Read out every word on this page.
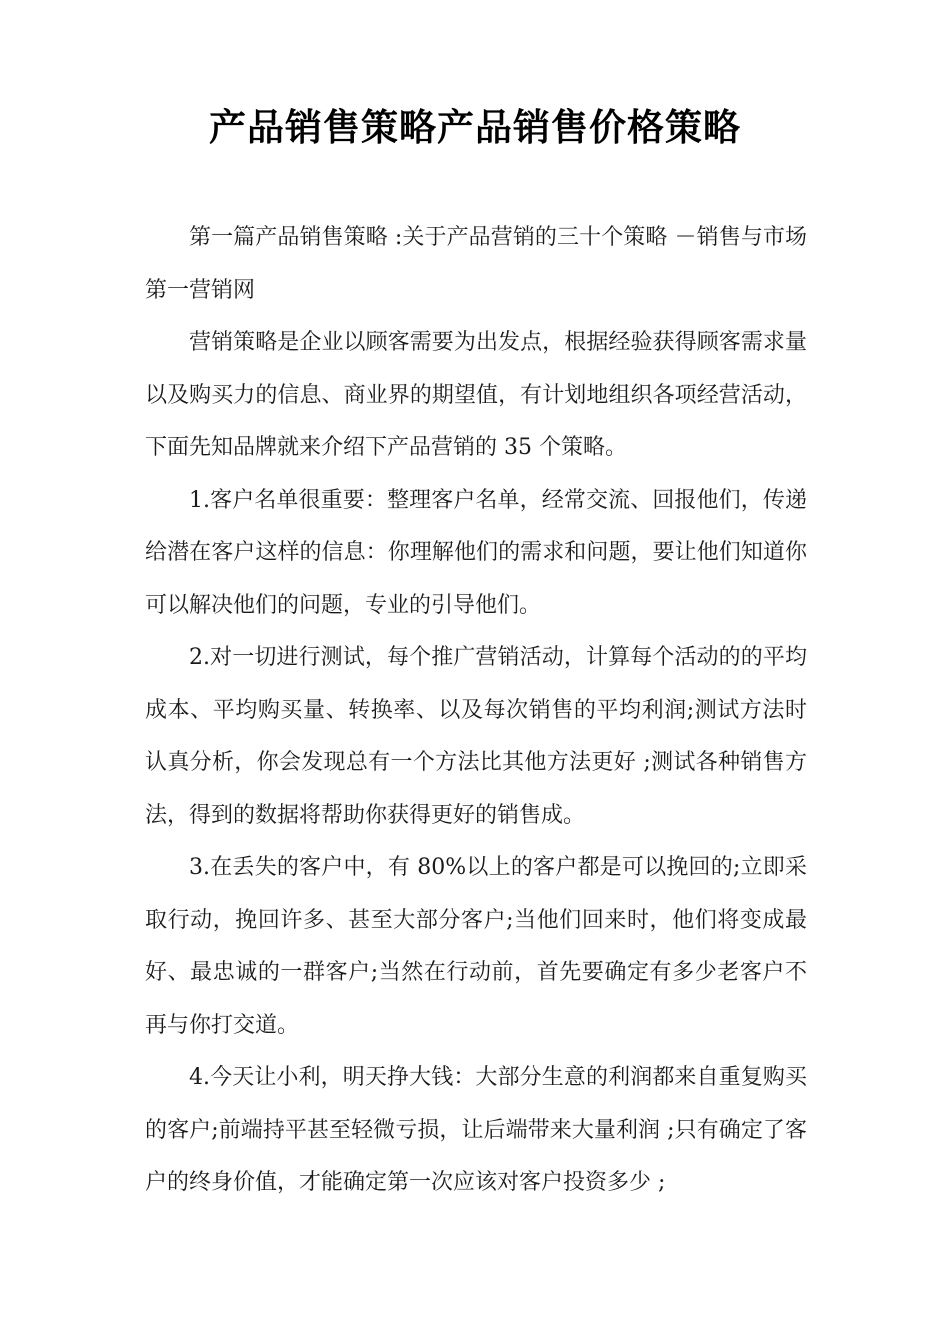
产品销售策略产品销售价格策略

第一篇产品销售策略 :关于产品营销的三十个策略 －销售与市场 第一营销网

营销策略是企业以顾客需要为出发点，根据经验获得顾客需求量以及购买力的信息、商业界的期望值，有计划地组织各项经营活动，下面先知品牌就来介绍下产品营销的 35 个策略。

1.客户名单很重要：整理客户名单，经常交流、回报他们，传递给潜在客户这样的信息：你理解他们的需求和问题，要让他们知道你可以解决他们的问题，专业的引导他们。

2.对一切进行测试，每个推广营销活动，计算每个活动的的平均成本、平均购买量、转换率、以及每次销售的平均利润;测试方法时认真分析，你会发现总有一个方法比其他方法更好 ;测试各种销售方法，得到的数据将帮助你获得更好的销售成。

3.在丢失的客户中，有 80%以上的客户都是可以挽回的;立即采取行动，挽回许多、甚至大部分客户;当他们回来时，他们将变成最好、最忠诚的一群客户;当然在行动前，首先要确定有多少老客户不再与你打交道。

4.今天让小利，明天挣大钱：大部分生意的利润都来自重复购买的客户;前端持平甚至轻微亏损，让后端带来大量利润 ;只有确定了客户的终身价值，才能确定第一次应该对客户投资多少 ;
